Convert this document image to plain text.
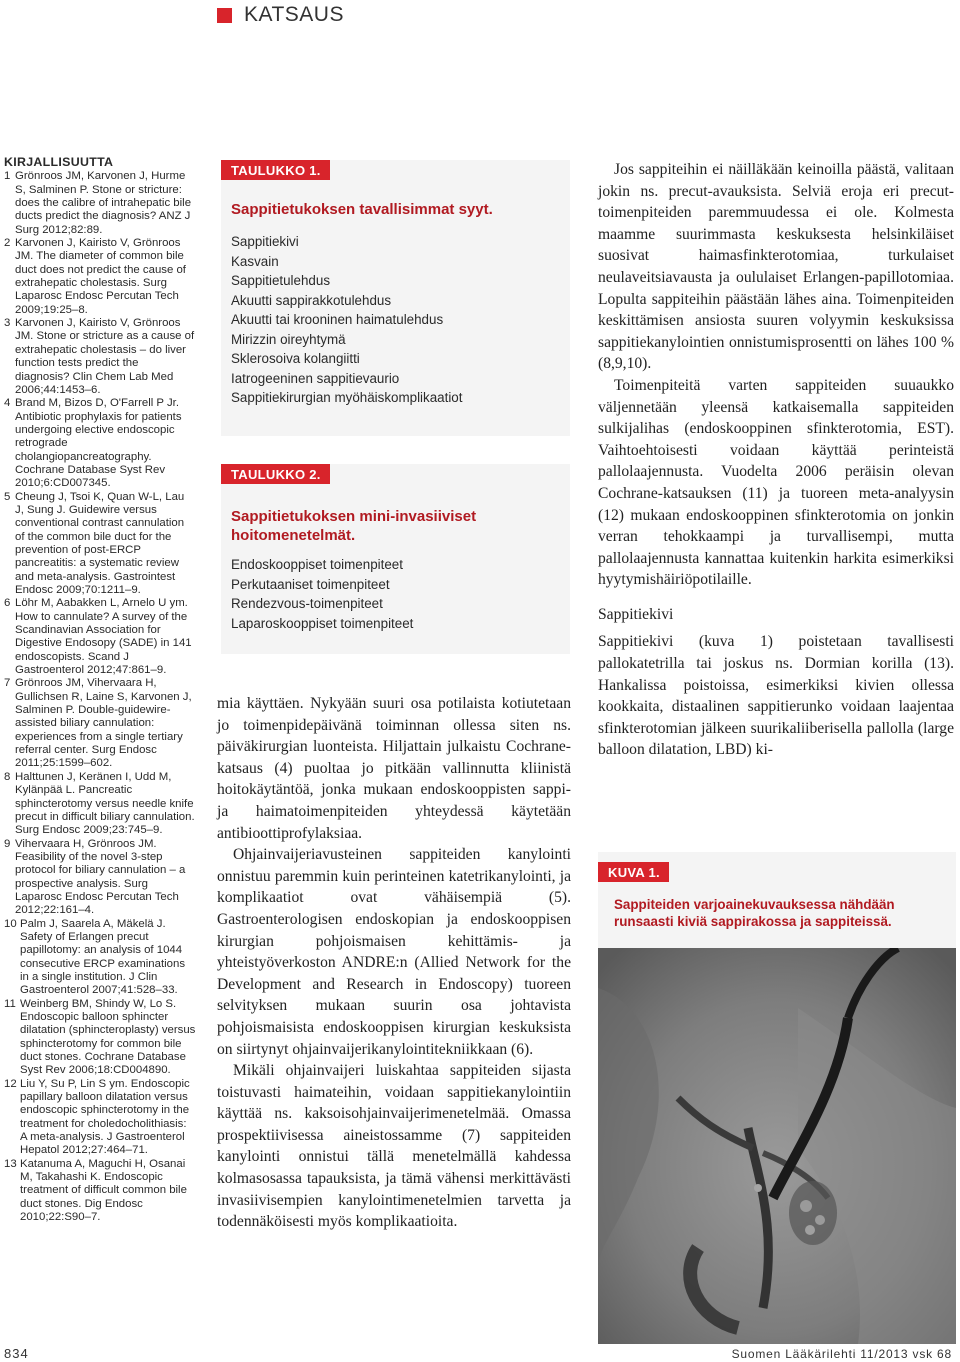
KATSAUS
KIRJALLISUUTTA
1 Grönroos JM, Karvonen J, Hurme S, Salminen P. Stone or stricture: does the calibre of intrahepatic bile ducts predict the diagnosis? ANZ J Surg 2012;82:89.
2 Karvonen J, Kairisto V, Grönroos JM. The diameter of common bile duct does not predict the cause of extrahepatic cholestasis. Surg Laparosc Endosc Percutan Tech 2009;19:25–8.
3 Karvonen J, Kairisto V, Grönroos JM. Stone or stricture as a cause of extrahepatic cholestasis – do liver function tests predict the diagnosis? Clin Chem Lab Med 2006;44:1453–6.
4 Brand M, Bizos D, O'Farrell P Jr. Antibiotic prophylaxis for patients undergoing elective endoscopic retrograde cholangiopancreatography. Cochrane Database Syst Rev 2010;6:CD007345.
5 Cheung J, Tsoi K, Quan W-L, Lau J, Sung J. Guidewire versus conventional contrast cannulation of the common bile duct for the prevention of post-ERCP pancreatitis: a systematic review and meta-analysis. Gastrointest Endosc 2009;70:1211–9.
6 Löhr M, Aabakken L, Arnelo U ym. How to cannulate? A survey of the Scandinavian Association for Digestive Endosopy (SADE) in 141 endoscopists. Scand J Gastroenterol 2012;47:861–9.
7 Grönroos JM, Vihervaara H, Gullichsen R, Laine S, Karvonen J, Salminen P. Double-guidewire-assisted biliary cannulation: experiences from a single tertiary referral center. Surg Endosc 2011;25:1599–602.
8 Halttunen J, Keränen I, Udd M, Kylänpää L. Pancreatic sphincterotomy versus needle knife precut in difficult biliary cannulation. Surg Endosc 2009;23:745–9.
9 Vihervaara H, Grönroos JM. Feasibility of the novel 3-step protocol for biliary cannulation – a prospective analysis. Surg Laparosc Endosc Percutan Tech 2012;22:161–4.
10 Palm J, Saarela A, Mäkelä J. Safety of Erlangen precut papillotomy: an analysis of 1044 consecutive ERCP examinations in a single institution. J Clin Gastroenterol 2007;41:528–33.
11 Weinberg BM, Shindy W, Lo S. Endoscopic balloon sphincter dilatation (sphincteroplasty) versus sphincterotomy for common bile duct stones. Cochrane Database Syst Rev 2006;18:CD004890.
12 Liu Y, Su P, Lin S ym. Endoscopic papillary balloon dilatation versus endoscopic sphincterotomy in the treatment for choledocholithiasis: A meta-analysis. J Gastroenterol Hepatol 2012;27:464–71.
13 Katanuma A, Maguchi H, Osanai M, Takahashi K. Endoscopic treatment of difficult common bile duct stones. Dig Endosc 2010;22:S90–7.
TAULUKKO 1.
Sappitietukoksen tavallisimmat syyt.
Sappitiekivi
Kasvain
Sappitietulehdus
Akuutti sappirakkotulehdus
Akuutti tai krooninen haimatulehdus
Mirizzin oireyhtymä
Sklerosoiva kolangiitti
Iatrogeeninen sappitievaurio
Sappitiekirurgian myöhäiskomplikaatiot
TAULUKKO 2.
Sappitietukoksen mini-invasiiviset hoitomenetelmät.
Endoskooppiset toimenpiteet
Perkutaaniset toimenpiteet
Rendezvous-toimenpiteet
Laparoskooppiset toimenpiteet

mia käyttäen. Nykyään suuri osa potilaista kotiutetaan jo toimenpidepäivänä toiminnan ollessa siten ns. päiväkirurgian luonteista. Hiljattain julkaistu Cochrane-katsaus (4) puoltaa jo pitkään vallinnutta kliinistä hoitokäytäntöä, jonka mukaan endoskooppisten sappi- ja haimatoimenpiteiden yhteydessä käytetään antibioottiprofylaksiaa.

Ohjainvaijeriavusteinen sappiteiden kanylointi onnistuu paremmin kuin perinteinen katetrikanylointi, ja komplikaatiot ovat vähäisempiä (5). Gastroenterologisen endoskopian ja endoskooppisen kirurgian pohjoismaisen kehittämis- ja yhteistyöverkoston ANDRE:n (Allied Network for the Development and Research in Endoscopy) tuoreen selvityksen mukaan suurin osa johtavista pohjoismaisista endoskooppisen kirurgian keskuksista on siirtynyt ohjainvaijerikanylointitekniikkaan (6).

Mikäli ohjainvaijeri luiskahtaa sappiteiden sijasta toistuvasti haimateihin, voidaan sappitiekanylointiin käyttää ns. kaksoisohjainvaijerimenetelmää. Omassa prospektiivisessa aineistossamme (7) sappiteiden kanylointi onnistui tällä menetelmällä kahdessa kolmasosassa tapauksista, ja tämä vähensi merkittävästi invasiivisempien kanylointimenetelmien tarvetta ja todennäköisesti myös komplikaatioita.

Jos sappiteihin ei näilläkään keinoilla päästä, valitaan jokin ns. precut-avauksista. Selviä eroja eri precut-toimenpiteiden paremmuudessa ei ole. Kolmesta maamme suurimmasta keskuksesta helsinkiläiset suosivat haimasfinkterotomiaa, turkulaiset neulaveitsiavausta ja oululaiset Erlangen-papillotomiaa. Lopulta sappiteihin päästään lähes aina. Toimenpiteiden keskittämisen ansiosta suuren volyymin keskuksissa sappitiekanylointien onnistumisprosentti on lähes 100 % (8,9,10).

Toimenpiteitä varten sappiteiden suuaukko väljennetään yleensä katkaisemalla sappiteiden sulkijalihas (endoskooppinen sfinkterotomia, EST). Vaihtoehtoisesti voidaan käyttää perinteistä pallolaajennusta. Vuodelta 2006 peräisin olevan Cochrane-katsauksen (11) ja tuoreen meta-analyysin (12) mukaan endoskooppinen sfinkterotomia on jonkin verran tehokkaampi ja turvallisempi, mutta pallolaajennusta kannattaa kuitenkin harkita esimerkiksi hyytymishäiriöpotilaille.

Sappitiekivi

Sappitiekivi (kuva 1) poistetaan tavallisesti pallokatetrilla tai joskus ns. Dormian korilla (13). Hankalissa poistoissa, esimerkiksi kivien ollessa kookkaita, distaalinen sappitierunko voidaan laajentaa sfinkterotomian jälkeen suurikaliiberisella pallolla (large balloon dilatation, LBD) ki-

KUVA 1.
Sappiteiden varjoainekuvauksessa nähdään runsaasti kiviä sappirakossa ja sappiteissä.
834	Suomen Lääkärilehti 11/2013 vsk 68
